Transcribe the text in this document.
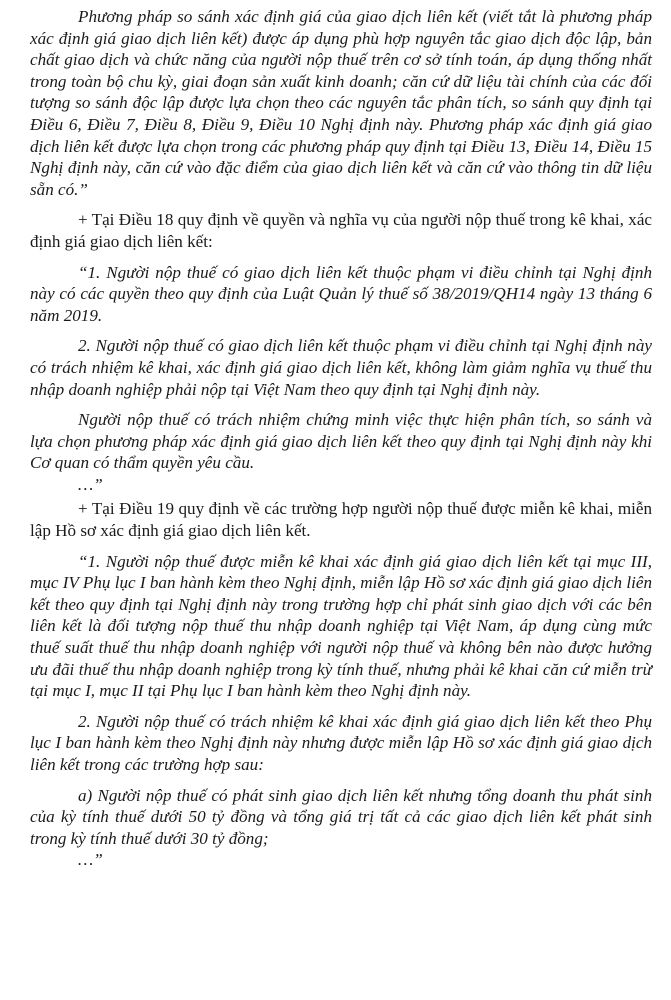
Phương pháp so sánh xác định giá của giao dịch liên kết (viết tắt là phương pháp xác định giá giao dịch liên kết) được áp dụng phù hợp nguyên tắc giao dịch độc lập, bản chất giao dịch và chức năng của người nộp thuế trên cơ sở tính toán, áp dụng thống nhất trong toàn bộ chu kỳ, giai đoạn sản xuất kinh doanh; căn cứ dữ liệu tài chính của các đối tượng so sánh độc lập được lựa chọn theo các nguyên tắc phân tích, so sánh quy định tại Điều 6, Điều 7, Điều 8, Điều 9, Điều 10 Nghị định này. Phương pháp xác định giá giao dịch liên kết được lựa chọn trong các phương pháp quy định tại Điều 13, Điều 14, Điều 15 Nghị định này, căn cứ vào đặc điểm của giao dịch liên kết và căn cứ vào thông tin dữ liệu sẵn có.”

+ Tại Điều 18 quy định về quyền và nghĩa vụ của người nộp thuế trong kê khai, xác định giá giao dịch liên kết:

“1. Người nộp thuế có giao dịch liên kết thuộc phạm vi điều chỉnh tại Nghị định này có các quyền theo quy định của Luật Quản lý thuế số 38/2019/QH14 ngày 13 tháng 6 năm 2019.

2. Người nộp thuế có giao dịch liên kết thuộc phạm vi điều chỉnh tại Nghị định này có trách nhiệm kê khai, xác định giá giao dịch liên kết, không làm giảm nghĩa vụ thuế thu nhập doanh nghiệp phải nộp tại Việt Nam theo quy định tại Nghị định này.

Người nộp thuế có trách nhiệm chứng minh việc thực hiện phân tích, so sánh và lựa chọn phương pháp xác định giá giao dịch liên kết theo quy định tại Nghị định này khi Cơ quan có thẩm quyền yêu cầu.

…”

+ Tại Điều 19 quy định về các trường hợp người nộp thuế được miễn kê khai, miễn lập Hồ sơ xác định giá giao dịch liên kết.

“1. Người nộp thuế được miễn kê khai xác định giá giao dịch liên kết tại mục III, mục IV Phụ lục I ban hành kèm theo Nghị định, miễn lập Hồ sơ xác định giá giao dịch liên kết theo quy định tại Nghị định này trong trường hợp chỉ phát sinh giao dịch với các bên liên kết là đối tượng nộp thuế thu nhập doanh nghiệp tại Việt Nam, áp dụng cùng mức thuế suất thuế thu nhập doanh nghiệp với người nộp thuế và không bên nào được hưởng ưu đãi thuế thu nhập doanh nghiệp trong kỳ tính thuế, nhưng phải kê khai căn cứ miễn trừ tại mục I, mục II tại Phụ lục I ban hành kèm theo Nghị định này.

2. Người nộp thuế có trách nhiệm kê khai xác định giá giao dịch liên kết theo Phụ lục I ban hành kèm theo Nghị định này nhưng được miễn lập Hồ sơ xác định giá giao dịch liên kết trong các trường hợp sau:

a) Người nộp thuế có phát sinh giao dịch liên kết nhưng tổng doanh thu phát sinh của kỳ tính thuế dưới 50 tỷ đồng và tổng giá trị tất cả các giao dịch liên kết phát sinh trong kỳ tính thuế dưới 30 tỷ đồng;

…”
